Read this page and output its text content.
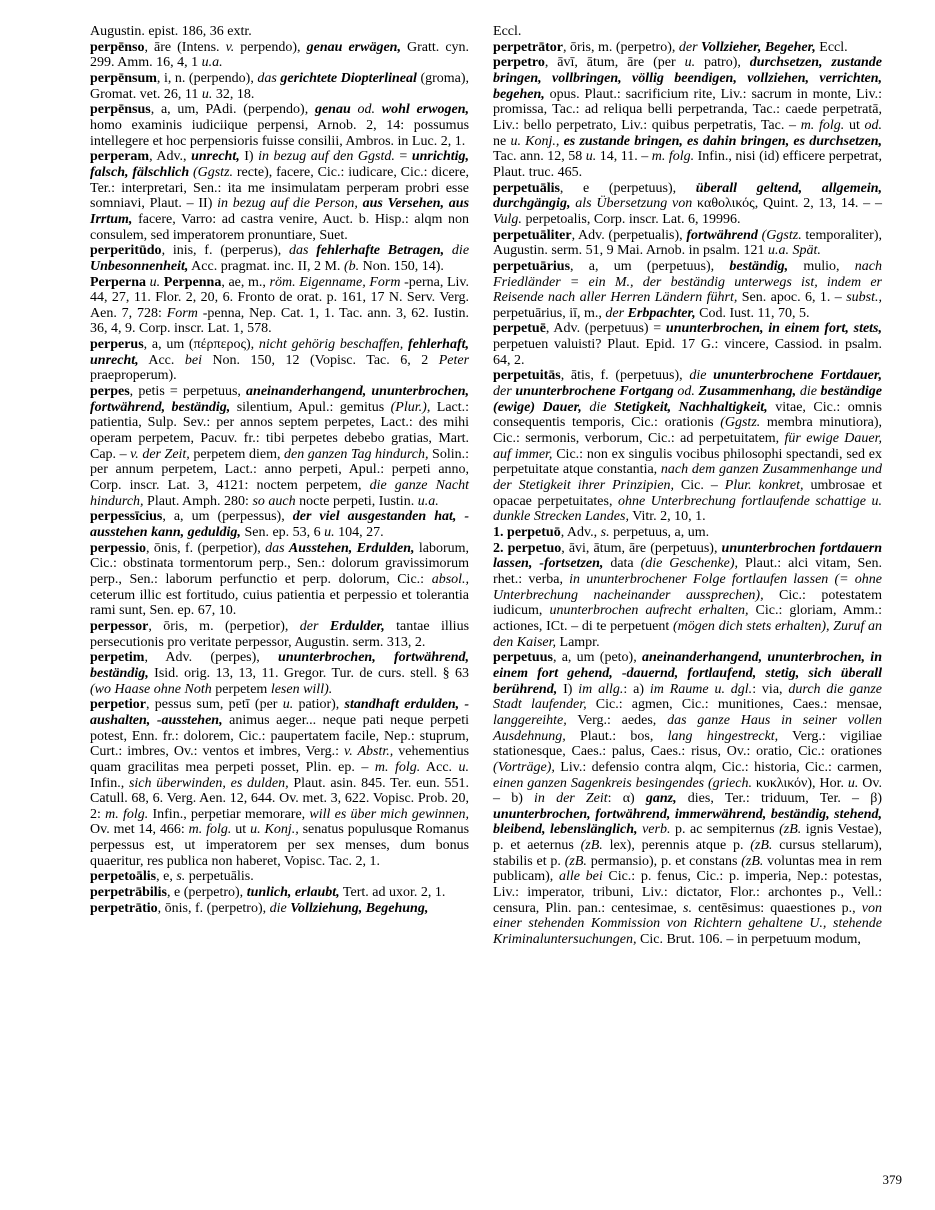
Augustin. epist. 186, 36 extr.

perpēnso, āre (Intens. v. perpendo), genau erwägen, Gratt. cyn. 299. Amm. 16, 4, 1 u.a.

perpēnsum, i, n. (perpendo), das gerichtete Diopterlineal (groma), Gromat. vet. 26, 11 u. 32, 18.

perpēnsus, a, um, PAdi. (perpendo), genau od. wohl erwogen, homo examinis iudiciique perpensi, Arnob. 2, 14: possumus intellegere et hoc perpensioris fuisse consilii, Ambros. in Luc. 2, 1.

perperam, Adv., unrecht, I) in bezug auf den Ggstd. = unrichtig, falsch, fälschlich (Ggstz. recte), facere, Cic.: iudicare, Cic.: dicere, Ter.: interpretari, Sen.: ita me insimulatam perperam probri esse somniavi, Plaut. – II) in bezug auf die Person, aus Versehen, aus Irrtum, facere, Varro: ad castra venire, Auct. b. Hisp.: alqm non consulem, sed imperatorem pronuntiare, Suet.

perperitūdo, inis, f. (perperus), das fehlerhafte Betragen, die Unbesonnenheit, Acc. pragmat. inc. II, 2 M. (b. Non. 150, 14).

Perperna u. Perpenna, ae, m., röm. Eigenname, Form -perna, Liv. 44, 27, 11. Flor. 2, 20, 6. Fronto de orat. p. 161, 17 N. Serv. Verg. Aen. 7, 728: Form -penna, Nep. Cat. 1, 1. Tac. ann. 3, 62. Iustin. 36, 4, 9. Corp. inscr. Lat. 1, 578.

perperus, a, um (πέρπερος), nicht gehörig beschaffen, fehlerhaft, unrecht, Acc. bei Non. 150, 12 (Vopisc. Tac. 6, 2 Peter praeproperum).

perpes, petis = perpetuus, aneinanderhangend, ununterbrochen, fortwährend, beständig, silentium, Apul.: gemitus (Plur.), Lact.: patientia, Sulp. Sev.: per annos septem perpetes, Lact.: des mihi operam perpetem, Pacuv. fr.: tibi perpetes debebo gratias, Mart. Cap. – v. der Zeit, perpetem diem, den ganzen Tag hindurch, Solin.: per annum perpetem, Lact.: anno perpeti, Apul.: perpeti anno, Corp. inscr. Lat. 3, 4121: noctem perpetem, die ganze Nacht hindurch, Plaut. Amph. 280: so auch nocte perpeti, Iustin. u.a.

perpessīcius, a, um (perpessus), der viel ausgestanden hat, -ausstehen kann, geduldig, Sen. ep. 53, 6 u. 104, 27.

perpessio, ōnis, f. (perpetior), das Ausstehen, Erdulden, laborum, Cic.: obstinata tormentorum perp., Sen.: dolorum gravissimorum perp., Sen.: laborum perfunctio et perp. dolorum, Cic.: absol., ceterum illic est fortitudo, cuius patientia et perpessio et tolerantia rami sunt, Sen. ep. 67, 10.

perpessor, ōris, m. (perpetior), der Erdulder, tantae illius persecutionis pro veritate perpessor, Augustin. serm. 313, 2.

perpetim, Adv. (perpes), ununterbrochen, fortwährend, beständig, Isid. orig. 13, 13, 11. Gregor. Tur. de curs. stell. § 63 (wo Haase ohne Noth perpetem lesen will).

perpetior, pessus sum, petī (per u. patior), standhaft erdulden, -aushalten, -ausstehen, animus aeger... neque pati neque perpeti potest, Enn. fr.: dolorem, Cic.: paupertatem facile, Nep.: stuprum, Curt.: imbres, Ov.: ventos et imbres, Verg.: v. Abstr., vehementius quam gracilitas mea perpeti posset, Plin. ep. – m. folg. Acc. u. Infin., sich überwinden, es dulden, Plaut. asin. 845. Ter. eun. 551. Catull. 68, 6. Verg. Aen. 12, 644. Ov. met. 3, 622. Vopisc. Prob. 20, 2: m. folg. Infin., perpetiar memorare, will es über mich gewinnen, Ov. met 14, 466: m. folg. ut u. Konj., senatus populusque Romanus perpessus est, ut imperatorem per sex menses, dum bonus quaeritur, res publica non haberet, Vopisc. Tac. 2, 1.

perpetoālis, e, s. perpetuālis.

perpetrābilis, e (perpetro), tunlich, erlaubt, Tert. ad uxor. 2, 1.

perpetrātio, ōnis, f. (perpetro), die Vollziehung, Begehung,

Eccl.

perpetrātor, ōris, m. (perpetro), der Vollzieher, Begeher, Eccl.

perpetro, āvī, ātum, āre (per u. patro), durchsetzen, zustande bringen, vollbringen, völlig beendigen, vollziehen, verrichten, begehen, opus. Plaut.: sacrificium rite, Liv.: sacrum in monte, Liv.: promissa, Tac.: ad reliqua belli perpetranda, Tac.: caede perpetratā, Liv.: bello perpetrato, Liv.: quibus perpetratis, Tac. – m. folg. ut od. ne u. Konj., es zustande bringen, es dahin bringen, es durchsetzen, Tac. ann. 12, 58 u. 14, 11. – m. folg. Infin., nisi (id) efficere perpetrat, Plaut. truc. 465.

perpetuālis, e (perpetuus), überall geltend, allgemein, durchgängig, als Übersetzung von καθολικός, Quint. 2, 13, 14. – – Vulg. perpetoalis, Corp. inscr. Lat. 6, 19996.

perpetuāliter, Adv. (perpetualis), fortwährend (Ggstz. temporaliter), Augustin. serm. 51, 9 Mai. Arnob. in psalm. 121 u.a. Spät.

perpetuārius, a, um (perpetuus), beständig, mulio, nach Friedländer = ein M., der beständig unterwegs ist, indem er Reisende nach aller Herren Ländern führt, Sen. apoc. 6, 1. – subst., perpetuārius, iī, m., der Erbpachter, Cod. Iust. 11, 70, 5.

perpetuē, Adv. (perpetuus) = ununterbrochen, in einem fort, stets, perpetuen valuisti? Plaut. Epid. 17 G.: vincere, Cassiod. in psalm. 64, 2.

perpetuitās, ātis, f. (perpetuus), die ununterbrochene Fortdauer, der ununterbrochene Fortgang od. Zusammenhang, die beständige (ewige) Dauer, die Stetigkeit, Nachhaltigkeit, vitae, Cic.: omnis consequentis temporis, Cic.: orationis (Ggstz. membra minutiora), Cic.: sermonis, verborum, Cic.: ad perpetuitatem, für ewige Dauer, auf immer, Cic.: non ex singulis vocibus philosophi spectandi, sed ex perpetuitate atque constantia, nach dem ganzen Zusammenhange und der Stetigkeit ihrer Prinzipien, Cic. – Plur. konkret, umbrosae et opacae perpetuitates, ohne Unterbrechung fortlaufende schattige u. dunkle Strecken Landes, Vitr. 2, 10, 1.

1. perpetuō, Adv., s. perpetuus, a, um.

2. perpetuo, āvi, ātum, āre (perpetuus), ununterbrochen fortdauern lassen, -fortsetzen, data (die Geschenke), Plaut.: alci vitam, Sen. rhet.: verba, in ununterbrochener Folge fortlaufen lassen (= ohne Unterbrechung nacheinander aussprechen), Cic.: potestatem iudicum, ununterbrochen aufrecht erhalten, Cic.: gloriam, Amm.: actiones, ICt. – di te perpetuent (mögen dich stets erhalten), Zuruf an den Kaiser, Lampr.

perpetuus, a, um (peto), aneinanderhangend, ununterbrochen, in einem fort gehend, -dauernd, fortlaufend, stetig, sich überall berührend, I) im allg.: a) im Raume u. dgl.: via, durch die ganze Stadt laufender, Cic.: agmen, Cic.: munitiones, Caes.: mensae, langgereihte, Verg.: aedes, das ganze Haus in seiner vollen Ausdehnung, Plaut.: bos, lang hingestreckt, Verg.: vigiliae stationesque, Caes.: palus, Caes.: risus, Ov.: oratio, Cic.: orationes (Vorträge), Liv.: defensio contra alqm, Cic.: historia, Cic.: carmen, einen ganzen Sagenkreis besingendes (griech. κυκλικόν), Hor. u. Ov. – b) in der Zeit: α) ganz, dies, Ter.: triduum, Ter. – β) ununterbrochen, fortwährend, immerwährend, beständig, stehend, bleibend, lebenslänglich, verb. p. ac sempiternus (zB. ignis Vestae), p. et aeternus (zB. lex), perennis atque p. (zB. cursus stellarum), stabilis et p. (zB. permansio), p. et constans (zB. voluntas mea in rem publicam), alle bei Cic.: p. fenus, Cic.: p. imperia, Nep.: potestas, Liv.: imperator, tribuni, Liv.: dictator, Flor.: archontes p., Vell.: censura, Plin. pan.: centesimae, s. centēsimus: quaestiones p., von einer stehenden Kommission von Richtern gehaltene U., stehende Kriminaluntersuchungen, Cic. Brut. 106. – in perpetuum modum,

379
